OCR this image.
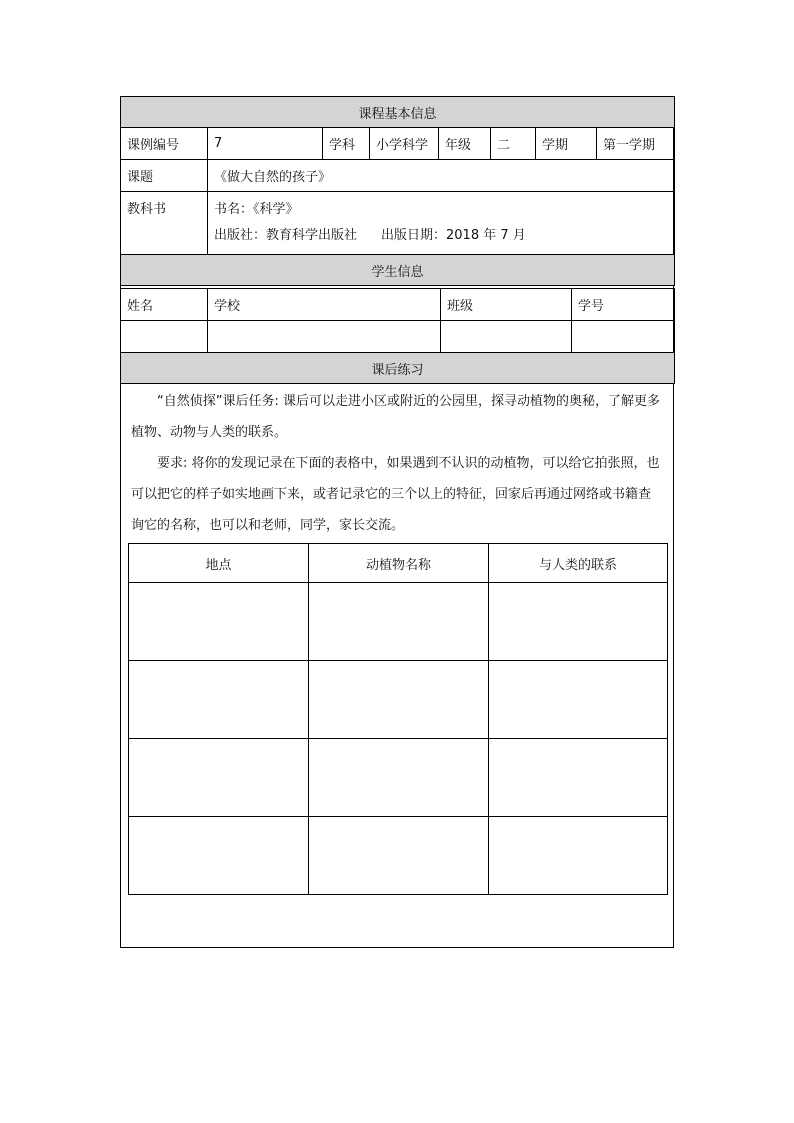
课程基本信息							
课例编号	7	学科	小学科学	年级	二	学期	第一学期
课题	《做大自然的孩子》						
教科书	书名：《科学》
出版社：教育科学出版社 出版日期：2018 年 7 月						

学生信息							
姓名	学校	班级	学号

课后练习			

“自然侦探”课后任务: 课后可以走进小区或附近的公园里，探寻动植物的奥秘，了解更多植物、动物与人类的联系。

要求: 将你的发现记录在下面的表格中，如果遇到不认识的动植物，可以给它拍张照，也可以把它的样子如实地画下来，或者记录它的三个以上的特征，回家后再通过网络或书籍查询它的名称，也可以和老师，同学，家长交流。

地点	动植物名称	与人类的联系
